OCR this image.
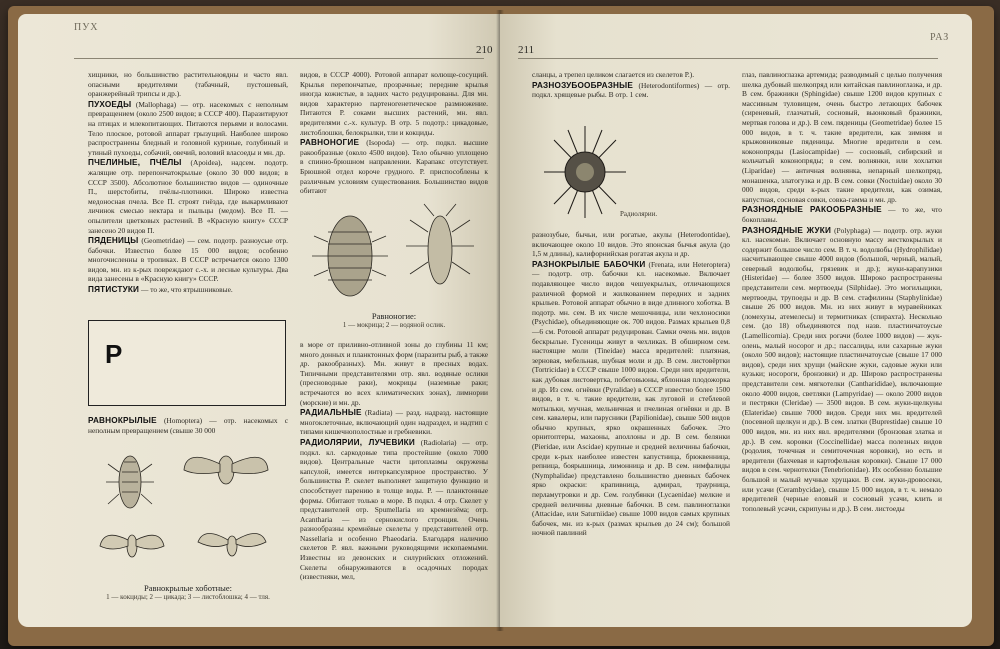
ПУХ
210

хищники, но большинство растительноядны и часто явл. опасными вредителями (табачный, пустошевый, оранжерейный трипсы и др.).

ПУХОЕДЫ (Mallophaga) — отр. насекомых с неполным превращением (около 2500 видов; в СССР 400). Паразитируют на птицах и млекопитающих. Питаются перьями и волосами. Тело плоское, ротовой аппарат грызущий. Наиболее широко распространены бледный и головной куриные, голубиный и утиный пухоеды, собачий, овечий, воловий власоеды и мн. др.

ПЧЕЛИНЫЕ, ПЧЁЛЫ (Apoidea), надсем. подотр. жалящие отр. перепончатокрылые (около 30 000 видов; в СССР 3500). Абсолютное большинство видов — одиночные П., шерстобиты, пчёлы-плотники. Широко известна медоносная пчела. Все П. строят гнёзда, где выкармливают личинок смесью нектара и пыльцы (медом). Все П. — опылители цветковых растений. В «Красную книгу» СССР занесено 20 видов П.

ПЯДЕНИЦЫ (Geometridae) — сем. подотр. разноусые отр. бабочки. Известно более 15 000 видов; особенно многочисленны в тропиках. В СССР встречается около 1300 видов, мн. из к-рых повреждают с.-х. и лесные культуры. Два вида занесены в «Красную книгу» СССР.

ПЯТИСТУКИ — то же, что ятрышниковые.

Р

РАВНОКРЫЛЫЕ (Homoptera) — отр. насекомых с неполным превращением (свыше 30 000

Равнокрылые хоботные:
1 — кокциды; 2 — цикада; 3 — листоблошка; 4 — тля.

видов, в СССР 4000). Ротовой аппарат колюще-сосущий. Крылья перепончатые, прозрачные; передние крылья иногда кожистые, в задних часто редуцированы. Для мн. видов характерно партеногенетическое размножение. Питаются Р. соками высших растений, мн. явл. вредителями с.-х. культур. В отр. 5 подотр.: цикадовые, листоблошки, белокрылки, тли и кокциды.

РАВНОНОГИЕ (Isopoda) — отр. подкл. высшие ракообразные (около 4500 видов). Тело обычно уплощено в спинно-брюшном направлении. Карапакс отсутствует. Брюшной отдел короче грудного. Р. приспособлены к различным условиям существования. Большинство видов обитают

Равноногие:
1 — мокрица; 2 — водяной ослик.

в море от приливно-отливной зоны до глубины 11 км; много донных и планктонных форм (паразиты рыб, а также др. ракообразных). Мн. живут в пресных водах. Типичными представителями отр. явл. водяные ослики (пресноводные раки), мокрицы (наземные раки; встречаются во всех климатических зонах), лимнории (морские) и мн. др.

РАДИАЛЬНЫЕ (Radiata) — разд. надразд. настоящие многоклеточные, включающий один надраздел, и надтип с типами кишечнополостные и гребневики.

РАДИОЛЯРИИ, ЛУЧЕВИКИ (Radiolaria) — отр. подкл. кл. саркодовые типа простейшие (около 7000 видов). Центральные части цитоплазмы окружены капсулой, имеется интеркапсулярное пространство. У большинства Р. скелет выполняет защитную функцию и способствует парению в толще воды. Р. — планктонные формы. Обитают только в море. В подкл. 4 отр. Скелет у представителей отр. Spumellaria из кремнезёма; отр. Acantharia — из сернокислого стронция. Очень разнообразны кремнёвые скелеты у представителей отр. Nassellaria и особенно Phaeodaria. Благодаря наличию скелетов Р. явл. важными руководящими ископаемыми. Известны из девонских и силурийских отложений. Скелеты обнаруживаются в осадочных породах (известняки, мел,

211
РАЗ

сланцы, а трепел целиком слагается из скелетов Р.).

РАЗНОЗУБООБРАЗНЫЕ (Heterodontiformes) — отр. подкл. хрящевые рыбы. В отр. 1 сем.

Радиолярии.

разнозубые, бычьи, или рогатые, акулы (Heterodontidae), включающее около 10 видов. Это японская бычья акула (до 1,5 м длины), калифорнийская рогатая акула и др.

РАЗНОКРЫЛЫЕ БАБОЧКИ (Frenata, или Heteroptera) — подотр. отр. бабочки кл. насекомые. Включает подавляющее число видов чешуекрылых, отличающихся различной формой и жилкованием передних и задних крыльев. Ротовой аппарат обычно в виде длинного хоботка. В подотр. мн. сем. В их числе мешочницы, или чехлоносики (Psychidae), объединяющие ок. 700 видов. Размах крыльев 0,8—6 см. Ротовой аппарат редуцирован. Самки очень мн. видов бескрылые. Гусеницы живут в чехликах. В обширном сем. настоящие моли (Tineidae) масса вредителей: платяная, зерновая, мебельная, шубная моли и др. В сем. листовёртки (Tortricidae) в СССР свыше 1000 видов. Среди них вредители, как дубовая листовертка, побеговьюны, яблонная плодожорка и др. Из сем. огнёвки (Pyralidae) в СССР известно более 1500 видов, в т. ч. такие вредители, как луговой и стеблевой мотыльки, мучная, мельничная и пчелиная огнёвки и др. В сем. кавалеры, или парусники (Papilionidae), свыше 500 видов обычно крупных, ярко окрашенных бабочек. Это орнитоптеры, махаоны, аполлоны и др. В сем. белянки (Pieridae, или Ascidae) крупные и средней величины бабочки, среди к-рых наиболее известен капустница, брюквенница, репница, боярышница, лимонница и др. В сем. нимфалиды (Nymphalidae) представлено большинство дневных бабочек ярко окраски: крапивница, адмирал, траурница, перламутровки и др. Сем. голубянки (Lycaenidae) мелкие и средней величины дневные бабочки. В сем. павлиноглазки (Attacidae, или Saturniidae) свыше 1000 видов самых крупных бабочек, мн. из к-рых (размах крыльев до 24 см); большой ночной павлиний

глаз, павлиноглазка артемида; разводимый с целью получения шелка дубовый шелкопряд или китайская павлиноглазка, и др. В сем. бражники (Sphingidae) свыше 1200 видов крупных с массивным туловищем, очень быстро летающих бабочек (сиреневый, глазчатый, сосновый, вьюнковый бражники, мертвая голова и др.). В сем. пяденицы (Geometridae) более 15 000 видов, в т. ч. такие вредители, как зимняя и крыжовниковые пяденицы. Многие вредители в сем. коконопряды (Lasiocampidae) — сосновый, сибирский и кольчатый коконопряды; в сем. волнянки, или хохлатки (Liparidae) — античная волнянка, непарный шелкопряд, монашенка, златогузка и др. В сем. совки (Noctuidae) около 30 000 видов, среди к-рых такие вредители, как озимая, капустная, сосновая совки, совка-гамма и мн. др.

РАЗНОЯДНЫЕ РАКООБРАЗНЫЕ — то же, что бокоплавы.

РАЗНОЯДНЫЕ ЖУКИ (Polyphaga) — подотр. отр. жуки кл. насекомые. Включает основную массу жесткокрылых и содержит большое число сем. В т. ч. водолюбы (Hydrophilidae) насчитывающее свыше 4000 видов (большой, черный, малый, северный водолюбы, грязевик и др.); жуки-карапузики (Histeridae) — более 3500 видов. Широко распространены представители сем. мертвоеды (Silphidae). Это могильщики, мертвоеды, трупоеды и др. В сем. стафилины (Staphylinidae) свыше 26 000 видов. Мн. из них живут в муравейниках (ломехузы, атемелесы) и термитниках (спирахта). Несколько сем. (до 18) объединяются под назв. пластинчатоусые (Lamellicornia). Среди них рогачи (более 1000 видов) — жук-олень, малый носорог и др.; пассалиды, или сахарные жуки (около 500 видов); настоящие пластинчатоусые (свыше 17 000 видов), среди них хрущи (майские жуки, садовые жуки или кузьки; носороги, бронзовки) и др. Широко распространены представители сем. мягкотелки (Cantharididae), включающие около 4000 видов, светляки (Lampyridae) — около 2000 видов и пестряки (Cleridae) — 3500 видов. В сем. жуки-щелкуны (Elateridae) свыше 7000 видов. Среди них мн. вредителей (посевной щелкун и др.). В сем. златки (Buprestidae) свыше 10 000 видов, мн. из них явл. вредителями (бронзовая златка и др.). В сем. коровки (Coccinellidae) масса полезных видов (родолия, точечная и семиточечная коровки), но есть и вредители (бахчевая и картофельная коровки). Свыше 17 000 видов в сем. чернотелки (Tenebrionidae). Их особенно большие большой и малый мучные хрущаки. В сем. жуки-дровосеки, или усачи (Cerambycidae), свыше 15 000 видов, в т. ч. немало вредителей (черные еловый и сосновый усачи, клить и тополевый усачи, скрипуны и др.). В сем. листоеды
